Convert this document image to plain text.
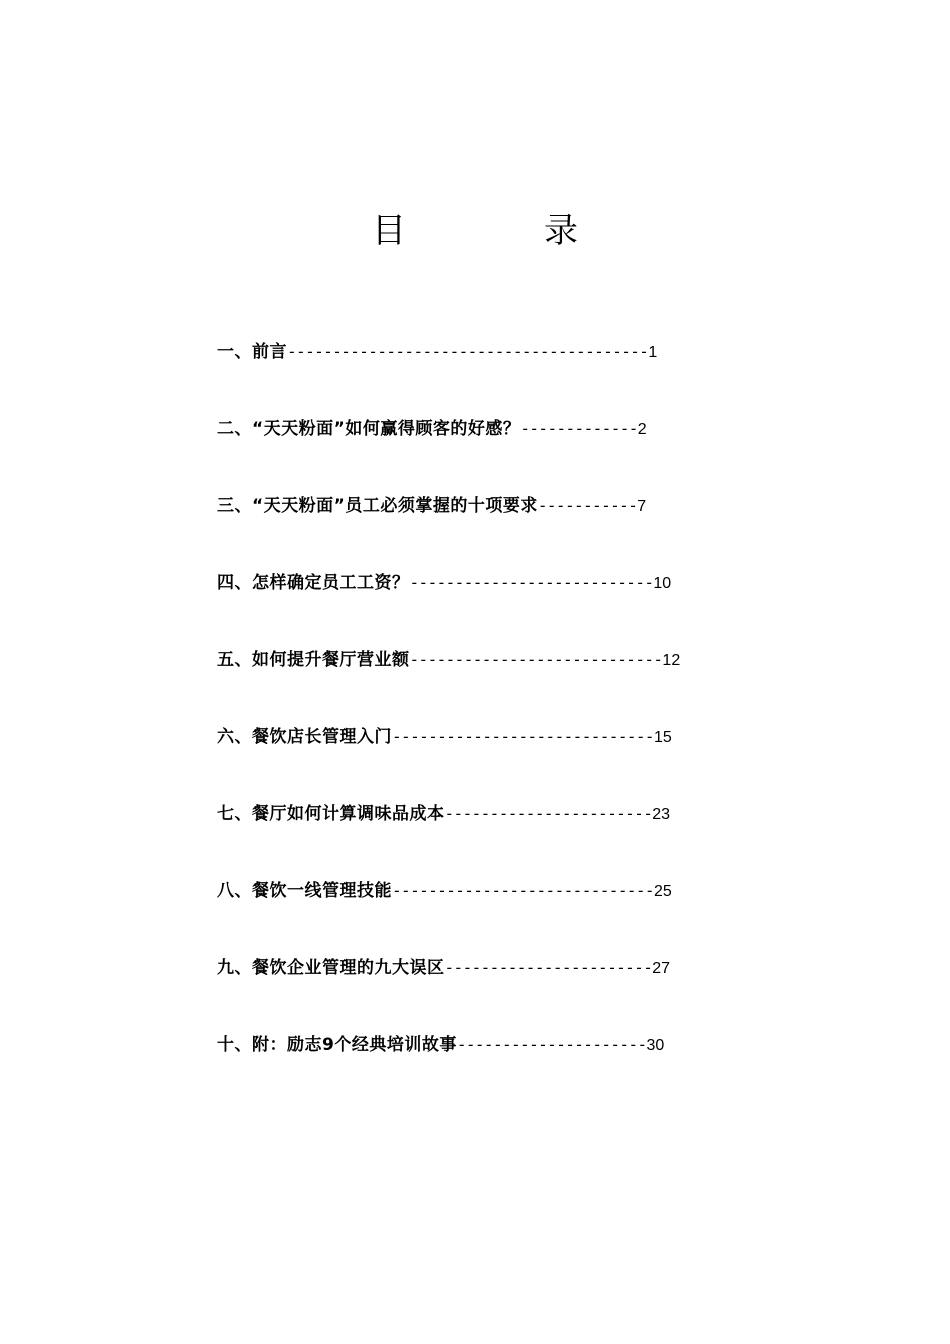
目　录
一、前言----------------------------------------1
二、“天天粉面”如何赢得顾客的好感？-------------2
三、“天天粉面”员工必须掌握的十项要求-----------7
四、怎样确定员工工资？---------------------------10
五、如何提升餐厅营业额----------------------------12
六、餐饮店长管理入门-----------------------------15
七、餐厅如何计算调味品成本-----------------------23
八、餐饮一线管理技能-----------------------------25
九、餐饮企业管理的九大误区-----------------------27
十、附：励志9个经典培训故事---------------------30
